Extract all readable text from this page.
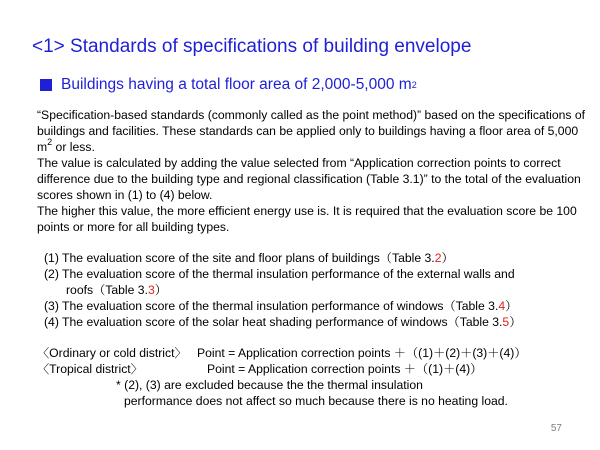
<1> Standards of specifications of building envelope
Buildings having a total floor area of 2,000-5,000 m 2

“Specification-based standards (commonly called as the point method)” based on the specifications of buildings and facilities. These standards can be applied only to buildings having a floor area of 5,000 $m^2$ or less.

The value is calculated by adding the value selected from “Application correction points to correct difference due to the building type and regional classification (Table 3.1)” to the total of the evaluation scores shown in (1) to (4) below.

The higher this value, the more efficient energy use is. It is required that the evaluation score be 100 points or more for all building types.

(1) The evaluation score of the site and floor plans of buildings（Table 3.2）
(2) The evaluation score of the thermal insulation performance of the external walls and
roofs（Table 3.3）
(3) The evaluation score of the thermal insulation performance of windows（Table 3.4）
(4) The evaluation score of the solar heat shading performance of windows（Table 3.5）
〈Ordinary or cold district〉 Point = Application correction points ＋（(1)＋(2)＋(3)＋(4)）
〈Tropical district〉	Point = Application correction points ＋（(1)＋(4)）
* (2), (3) are excluded because the the thermal insulation
performance does not affect so much because there is no heating load.
57
